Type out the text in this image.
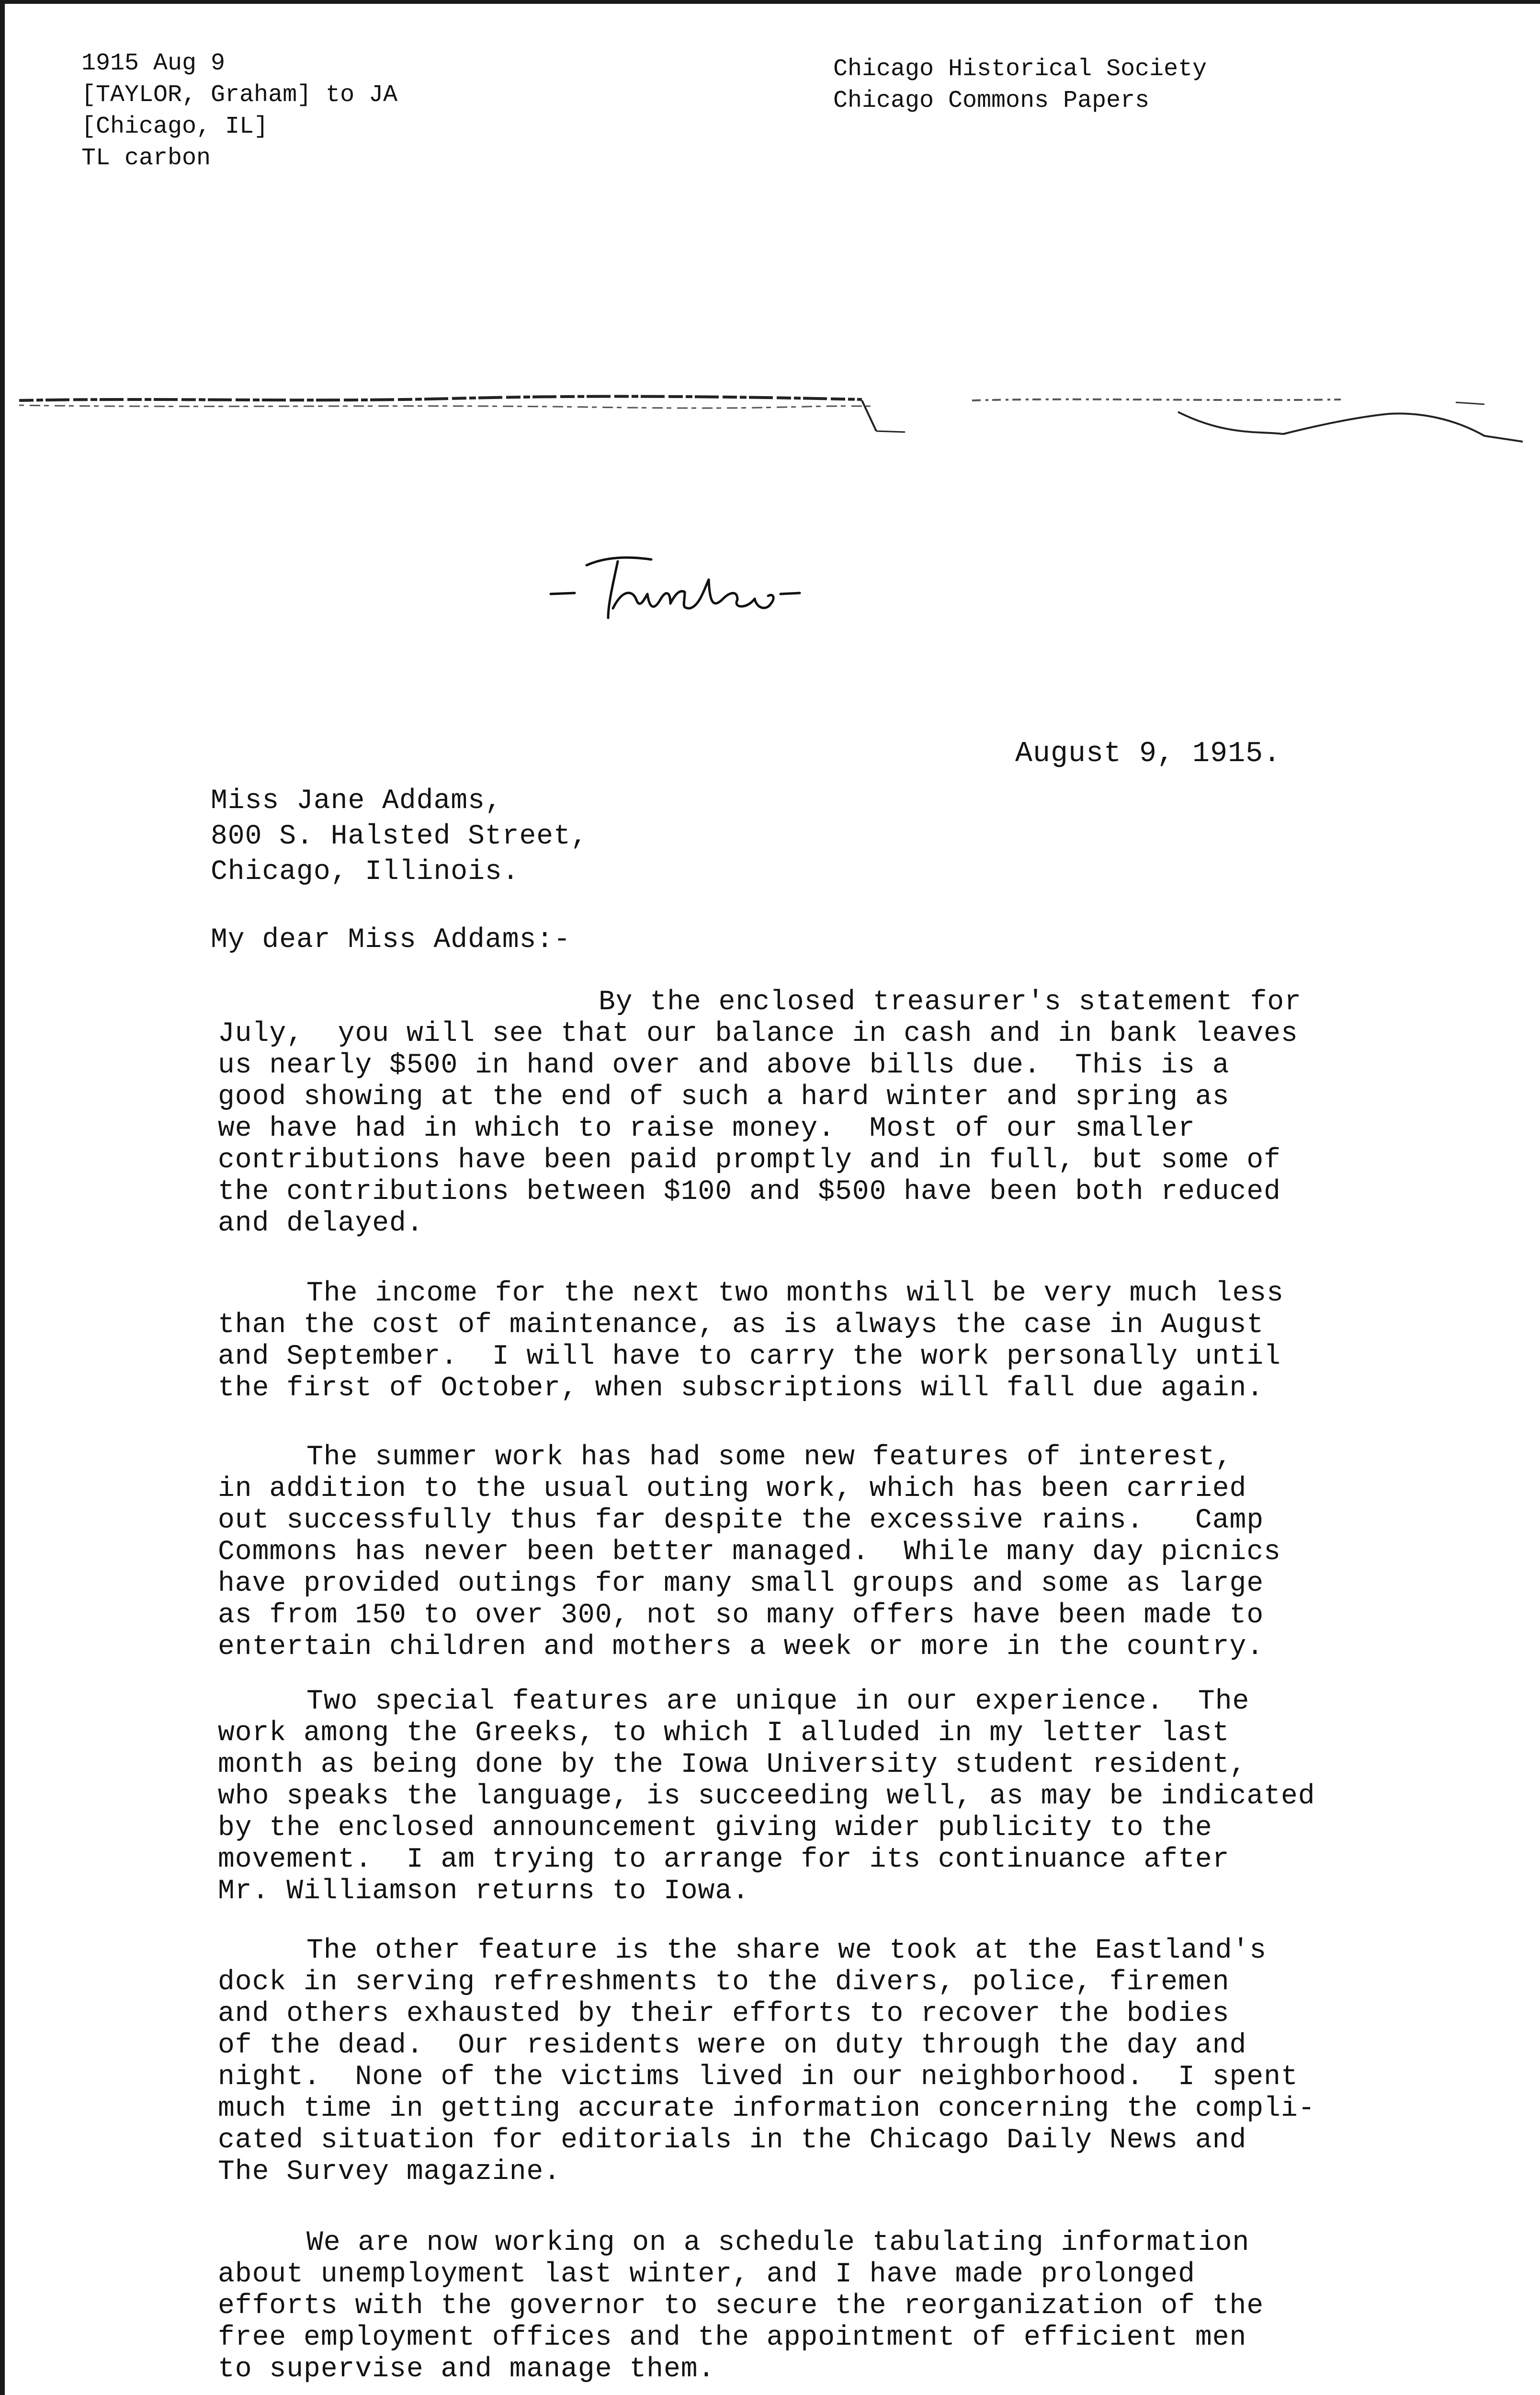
1915 Aug 9
[TAYLOR, Graham] to JA
[Chicago, IL]
TL carbon
Chicago Historical Society
Chicago Commons Papers
August 9, 1915.
Miss Jane Addams,
800 S. Halsted Street,
Chicago, Illinois.
My dear Miss Addams:-
By the enclosed treasurer's statement for
July,  you will see that our balance in cash and in bank leaves
us nearly $500 in hand over and above bills due.  This is a
good showing at the end of such a hard winter and spring as
we have had in which to raise money.  Most of our smaller
contributions have been paid promptly and in full, but some of
the contributions between $100 and $500 have been both reduced
and delayed.
The income for the next two months will be very much less
than the cost of maintenance, as is always the case in August
and September.  I will have to carry the work personally until
the first of October, when subscriptions will fall due again.
The summer work has had some new features of interest,
in addition to the usual outing work, which has been carried
out successfully thus far despite the excessive rains.   Camp
Commons has never been better managed.  While many day picnics
have provided outings for many small groups and some as large
as from 150 to over 300, not so many offers have been made to
entertain children and mothers a week or more in the country.
Two special features are unique in our experience.  The
work among the Greeks, to which I alluded in my letter last
month as being done by the Iowa University student resident,
who speaks the language, is succeeding well, as may be indicated
by the enclosed announcement giving wider publicity to the
movement.  I am trying to arrange for its continuance after
Mr. Williamson returns to Iowa.
The other feature is the share we took at the Eastland's
dock in serving refreshments to the divers, police, firemen
and others exhausted by their efforts to recover the bodies
of the dead.  Our residents were on duty through the day and
night.  None of the victims lived in our neighborhood.  I spent
much time in getting accurate information concerning the compli-
cated situation for editorials in the Chicago Daily News and
The Survey magazine.
We are now working on a schedule tabulating information
about unemployment last winter, and I have made prolonged
efforts with the governor to secure the reorganization of the
free employment offices and the appointment of efficient men
to supervise and manage them.
